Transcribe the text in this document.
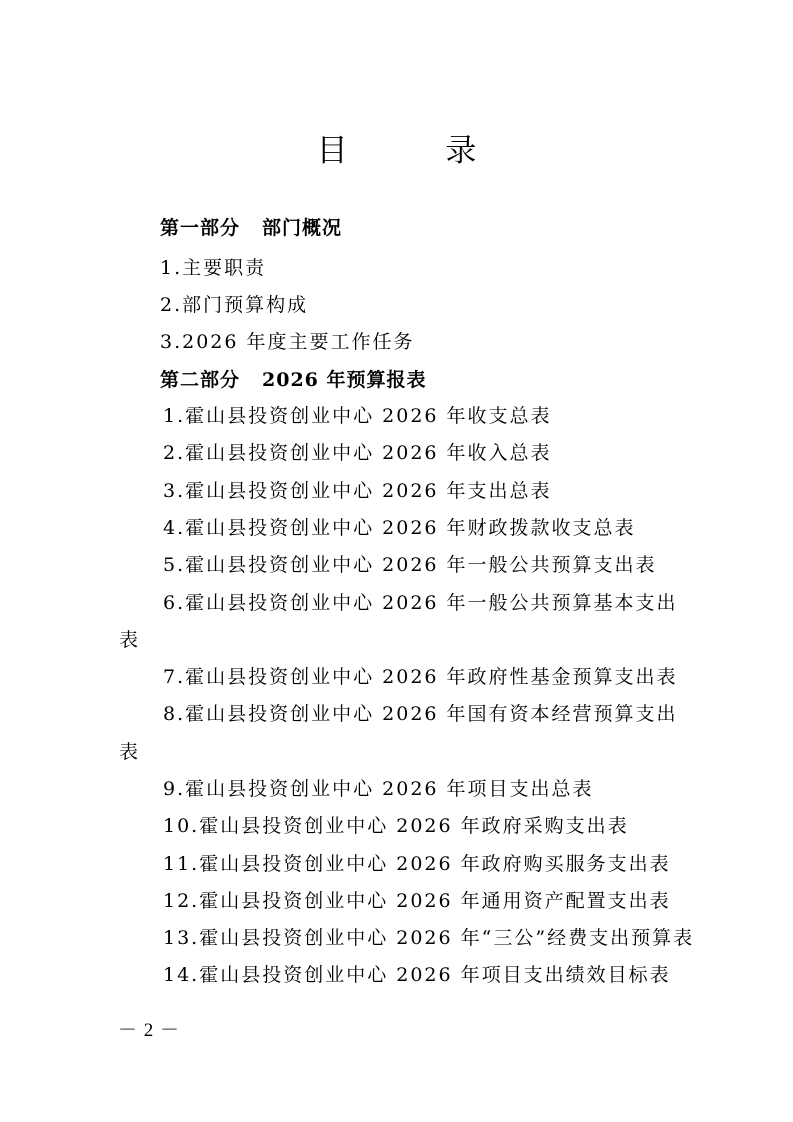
目 录
第一部分 部门概况
1.主要职责
2.部门预算构成
3.2026 年度主要工作任务
第二部分 2026 年预算报表
1.霍山县投资创业中心 2026 年收支总表
2.霍山县投资创业中心 2026 年收入总表
3.霍山县投资创业中心 2026 年支出总表
4.霍山县投资创业中心 2026 年财政拨款收支总表
5.霍山县投资创业中心 2026 年一般公共预算支出表
6.霍山县投资创业中心 2026 年一般公共预算基本支出
表
7.霍山县投资创业中心 2026 年政府性基金预算支出表
8.霍山县投资创业中心 2026 年国有资本经营预算支出
表
9.霍山县投资创业中心 2026 年项目支出总表
10.霍山县投资创业中心 2026 年政府采购支出表
11.霍山县投资创业中心 2026 年政府购买服务支出表
12.霍山县投资创业中心 2026 年通用资产配置支出表
13.霍山县投资创业中心 2026 年“三公”经费支出预算表
14.霍山县投资创业中心 2026 年项目支出绩效目标表
－ 2 －
